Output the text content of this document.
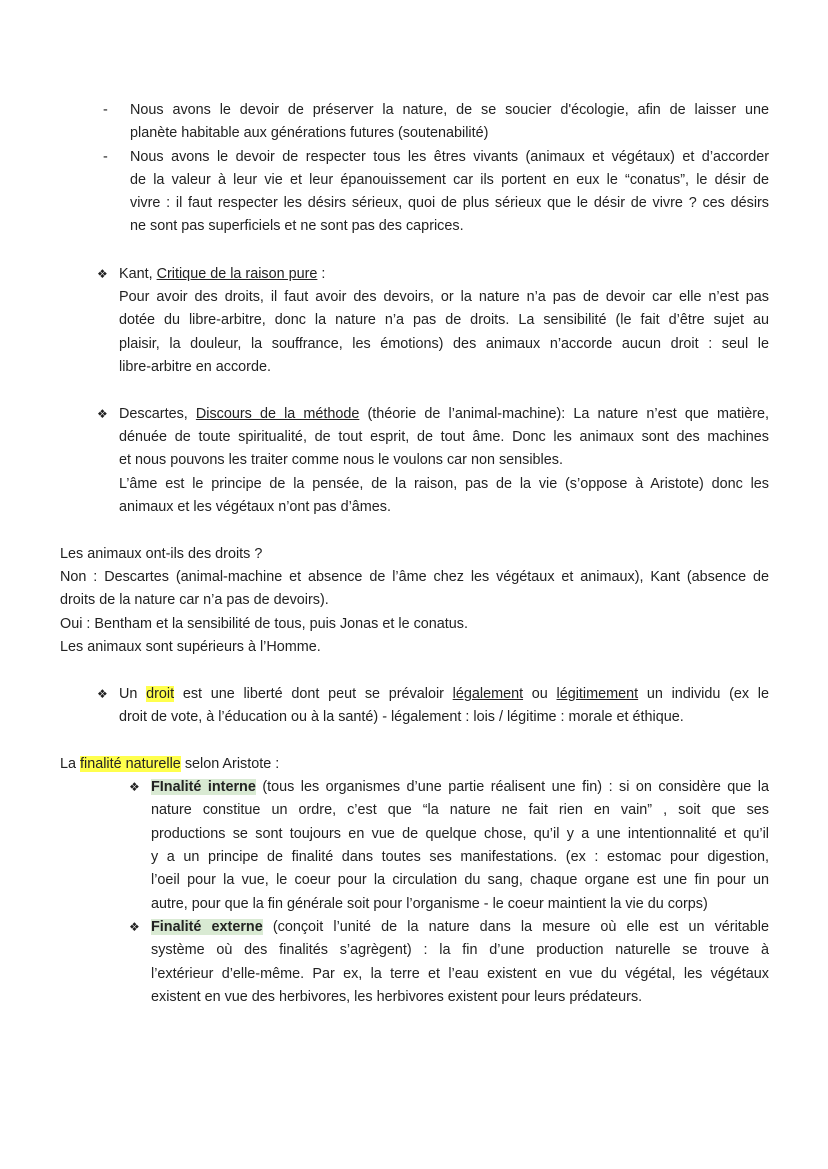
- Nous avons le devoir de préserver la nature, de se soucier d'écologie, afin de laisser une
planète habitable aux générations futures (soutenabilité)
- Nous avons le devoir de respecter tous les êtres vivants (animaux et végétaux) et d’accorder
de la valeur à leur vie et leur épanouissement car ils portent en eux le “conatus”, le désir de
vivre : il faut respecter les désirs sérieux, quoi de plus sérieux que le désir de vivre ? ces désirs
ne sont pas superficiels et ne sont pas des caprices.
❖ Kant, Critique de la raison pure :
Pour avoir des droits, il faut avoir des devoirs, or la nature n’a pas de devoir car elle n’est pas
dotée du libre-arbitre, donc la nature n’a pas de droits. La sensibilité (le fait d’être sujet au
plaisir, la douleur, la souffrance, les émotions) des animaux n’accorde aucun droit : seul le
libre-arbitre en accorde.
❖ Descartes, Discours de la méthode (théorie de l’animal-machine): La nature n’est que matière,
dénuée de toute spiritualité, de tout esprit, de tout âme. Donc les animaux sont des machines
et nous pouvons les traiter comme nous le voulons car non sensibles.
L’âme est le principe de la pensée, de la raison, pas de la vie (s’oppose à Aristote) donc les
animaux et les végétaux n’ont pas d’âmes.
Les animaux ont-ils des droits ?
Non : Descartes (animal-machine et absence de l’âme chez les végétaux et animaux), Kant (absence de
droits de la nature car n’a pas de devoirs).
Oui : Bentham et la sensibilité de tous, puis Jonas et le conatus.
Les animaux sont supérieurs à l’Homme.
❖ Un droit est une liberté dont peut se prévaloir légalement ou légitimement un individu (ex le
droit de vote, à l’éducation ou à la santé) - légalement : lois / légitime : morale et éthique.
La finalité naturelle selon Aristote :
❖ FInalité interne (tous les organismes d’une partie réalisent une fin) : si on considère que la
nature constitue un ordre, c’est que “la nature ne fait rien en vain” , soit que ses
productions se sont toujours en vue de quelque chose, qu’il y a une intentionnalité et qu’il
y a un principe de finalité dans toutes ses manifestations. (ex : estomac pour digestion,
l’oeil pour la vue, le coeur pour la circulation du sang, chaque organe est une fin pour un
autre, pour que la fin générale soit pour l’organisme - le coeur maintient la vie du corps)
❖ Finalité externe (conçoit l’unité de la nature dans la mesure où elle est un véritable
système où des finalités s’agrègent) : la fin d’une production naturelle se trouve à
l’extérieur d’elle-même. Par ex, la terre et l’eau existent en vue du végétal, les végétaux
existent en vue des herbivores, les herbivores existent pour leurs prédateurs.
